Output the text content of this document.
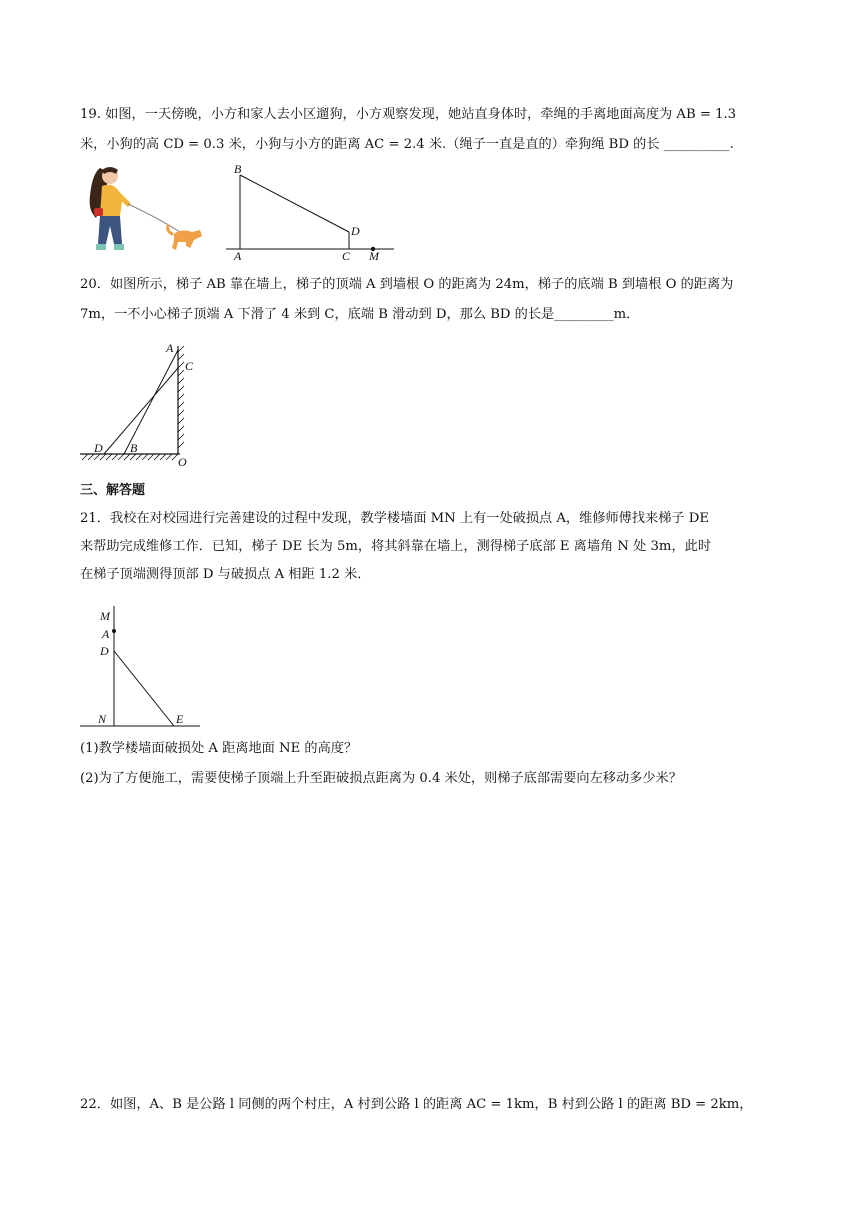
19. 如图，一天傍晚，小方和家人去小区遛狗，小方观察发现，她站直身体时，牵绳的手离地面高度为 AB = 1.3
米，小狗的高 CD = 0.3 米，小狗与小方的距离 AC = 2.4 米.（绳子一直是直的）牵狗绳 BD 的长 __________.
B
A
D
C M
20．如图所示，梯子 AB 靠在墙上，梯子的顶端 A 到墙根 O 的距离为 24m，梯子的底端 B 到墙根 O 的距离为
7m，一不小心梯子顶端 A 下滑了 4 米到 C，底端 B 滑动到 D，那么 BD 的长是_________m．
A
C
D B
O
三、解答题
21．我校在对校园进行完善建设的过程中发现，教学楼墙面 MN 上有一处破损点 A，维修师傅找来梯子 DE
来帮助完成维修工作．已知，梯子 DE 长为 5m，将其斜靠在墙上，测得梯子底部 E 离墙角 N 处 3m，此时
在梯子顶端测得顶部 D 与破损点 A 相距 1.2 米．
M
A
D
N	E
(1)教学楼墙面破损处 A 距离地面 NE 的高度？
(2)为了方便施工，需要使梯子顶端上升至距破损点距离为 0.4 米处，则梯子底部需要向左移动多少米？
22．如图，A、B 是公路 l 同侧的两个村庄，A 村到公路 l 的距离 AC = 1km，B 村到公路 l 的距离 BD = 2km，
